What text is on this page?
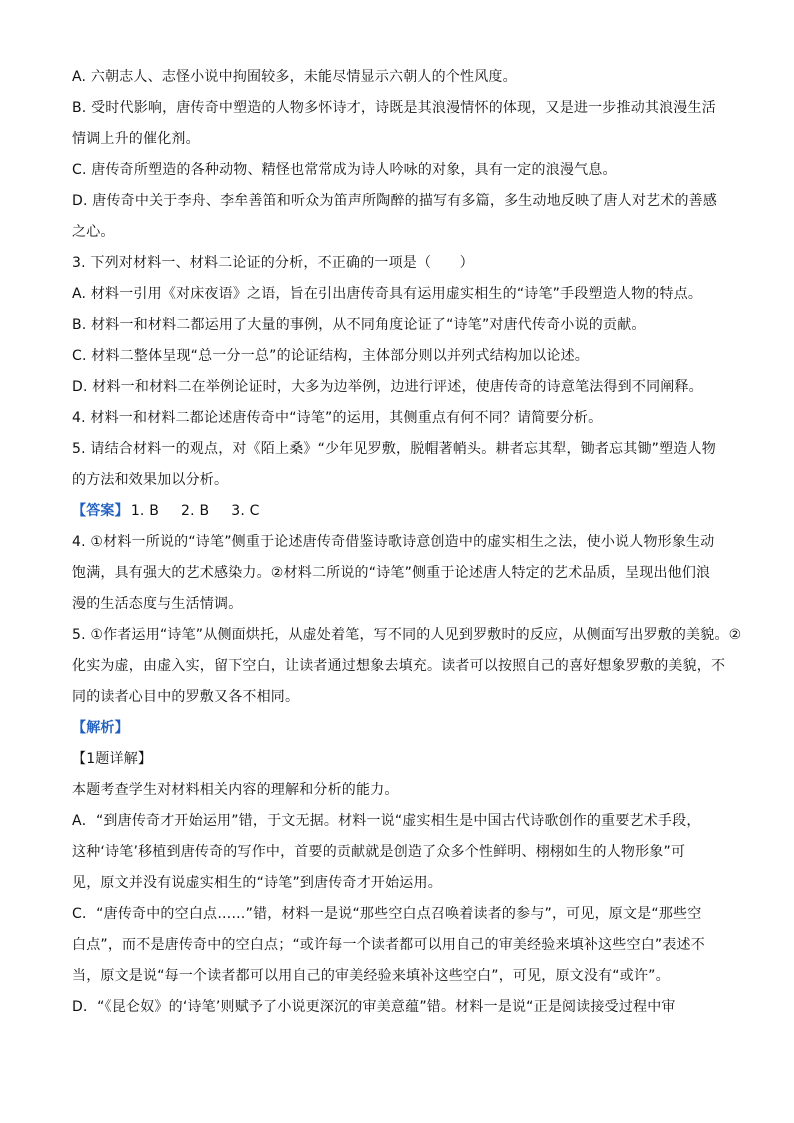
A. 六朝志人、志怪小说中拘囿较多，未能尽情显示六朝人的个性风度。
B. 受时代影响，唐传奇中塑造的人物多怀诗才，诗既是其浪漫情怀的体现，又是进一步推动其浪漫生活
情调上升的催化剂。
C. 唐传奇所塑造的各种动物、精怪也常常成为诗人吟咏的对象，具有一定的浪漫气息。
D. 唐传奇中关于李舟、李牟善笛和听众为笛声所陶醉的描写有多篇，多生动地反映了唐人对艺术的善感
之心。
3. 下列对材料一、材料二论证的分析，不正确的一项是（　　）
A. 材料一引用《对床夜语》之语，旨在引出唐传奇具有运用虚实相生的“诗笔”手段塑造人物的特点。
B. 材料一和材料二都运用了大量的事例，从不同角度论证了“诗笔”对唐代传奇小说的贡献。
C. 材料二整体呈现“总一分一总”的论证结构，主体部分则以并列式结构加以论述。
D. 材料一和材料二在举例论证时，大多为边举例，边进行评述，使唐传奇的诗意笔法得到不同阐释。
4. 材料一和材料二都论述唐传奇中“诗笔”的运用，其侧重点有何不同？请简要分析。
5. 请结合材料一的观点，对《陌上桑》“少年见罗敷，脱帽著帩头。耕者忘其犁，锄者忘其锄”塑造人物
的方法和效果加以分析。
【答案】 1. B 2. B 3. C
4. ①材料一所说的“诗笔”侧重于论述唐传奇借鉴诗歌诗意创造中的虚实相生之法，使小说人物形象生动
饱满，具有强大的艺术感染力。②材料二所说的“诗笔”侧重于论述唐人特定的艺术品质，呈现出他们浪
漫的生活态度与生活情调。
5. ①作者运用“诗笔”从侧面烘托，从虚处着笔，写不同的人见到罗敷时的反应，从侧面写出罗敷的美貌。②
化实为虚，由虚入实，留下空白，让读者通过想象去填充。读者可以按照自己的喜好想象罗敷的美貌，不
同的读者心目中的罗敷又各不相同。
【解析】
【1题详解】
本题考查学生对材料相关内容的理解和分析的能力。
A．“到唐传奇才开始运用”错，于文无据。材料一说“虚实相生是中国古代诗歌创作的重要艺术手段，
这种‘诗笔’移植到唐传奇的写作中，首要的贡献就是创造了众多个性鲜明、栩栩如生的人物形象”可
见，原文并没有说虚实相生的“诗笔”到唐传奇才开始运用。
C．“唐传奇中的空白点……”错，材料一是说“那些空白点召唤着读者的参与”，可见，原文是“那些空
白点”，而不是唐传奇中的空白点；“或许每一个读者都可以用自己的审美经验来填补这些空白”表述不
当，原文是说“每一个读者都可以用自己的审美经验来填补这些空白”，可见，原文没有“或许”。
D．“《昆仑奴》的‘诗笔’则赋予了小说更深沉的审美意蕴”错。材料一是说“正是阅读接受过程中审
